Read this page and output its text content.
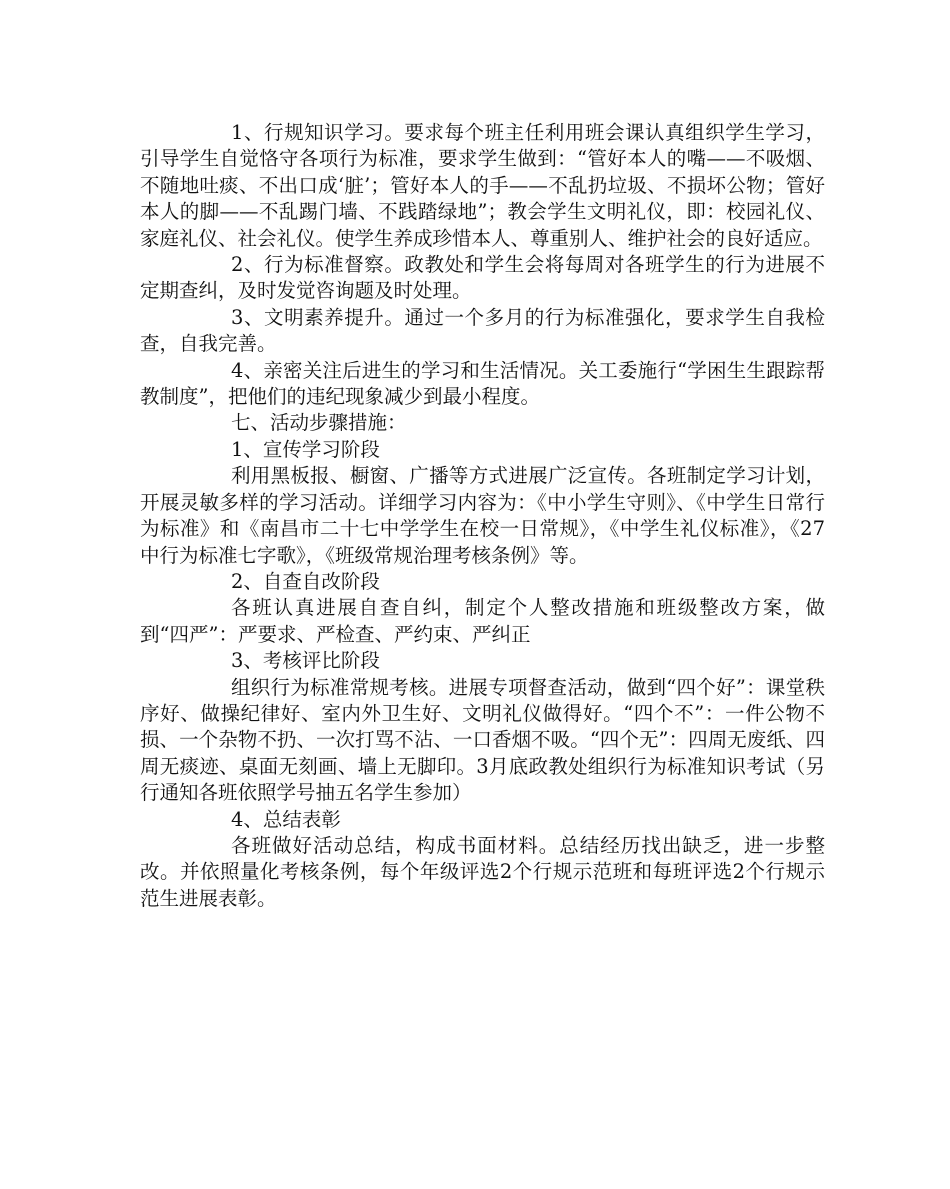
1、行规知识学习。要求每个班主任利用班会课认真组织学生学习，引导学生自觉恪守各项行为标准，要求学生做到：“管好本人的嘴——不吸烟、不随地吐痰、不出口成‘脏’；管好本人的手——不乱扔垃圾、不损坏公物；管好本人的脚——不乱踢门墙、不践踏绿地”；教会学生文明礼仪，即：校园礼仪、家庭礼仪、社会礼仪。使学生养成珍惜本人、尊重别人、维护社会的良好适应。

2、行为标准督察。政教处和学生会将每周对各班学生的行为进展不定期查纠，及时发觉咨询题及时处理。

3、文明素养提升。通过一个多月的行为标准强化，要求学生自我检查，自我完善。

4、亲密关注后进生的学习和生活情况。关工委施行“学困生生跟踪帮教制度”，把他们的违纪现象减少到最小程度。

七、活动步骤措施：

1、宣传学习阶段

利用黑板报、橱窗、广播等方式进展广泛宣传。各班制定学习计划，开展灵敏多样的学习活动。详细学习内容为：《中小学生守则》、《中学生日常行为标准》和《南昌市二十七中学学生在校一日常规》，《中学生礼仪标准》，《27中行为标准七字歌》，《班级常规治理考核条例》等。

2、自查自改阶段

各班认真进展自查自纠，制定个人整改措施和班级整改方案，做到“四严”：严要求、严检查、严约束、严纠正

3、考核评比阶段

组织行为标准常规考核。进展专项督查活动，做到“四个好”：课堂秩序好、做操纪律好、室内外卫生好、文明礼仪做得好。“四个不”：一件公物不损、一个杂物不扔、一次打骂不沾、一口香烟不吸。“四个无”：四周无废纸、四周无痰迹、桌面无刻画、墙上无脚印。3月底政教处组织行为标准知识考试（另行通知各班依照学号抽五名学生参加）

4、总结表彰

各班做好活动总结，构成书面材料。总结经历找出缺乏，进一步整改。并依照量化考核条例，每个年级评选2个行规示范班和每班评选2个行规示范生进展表彰。
